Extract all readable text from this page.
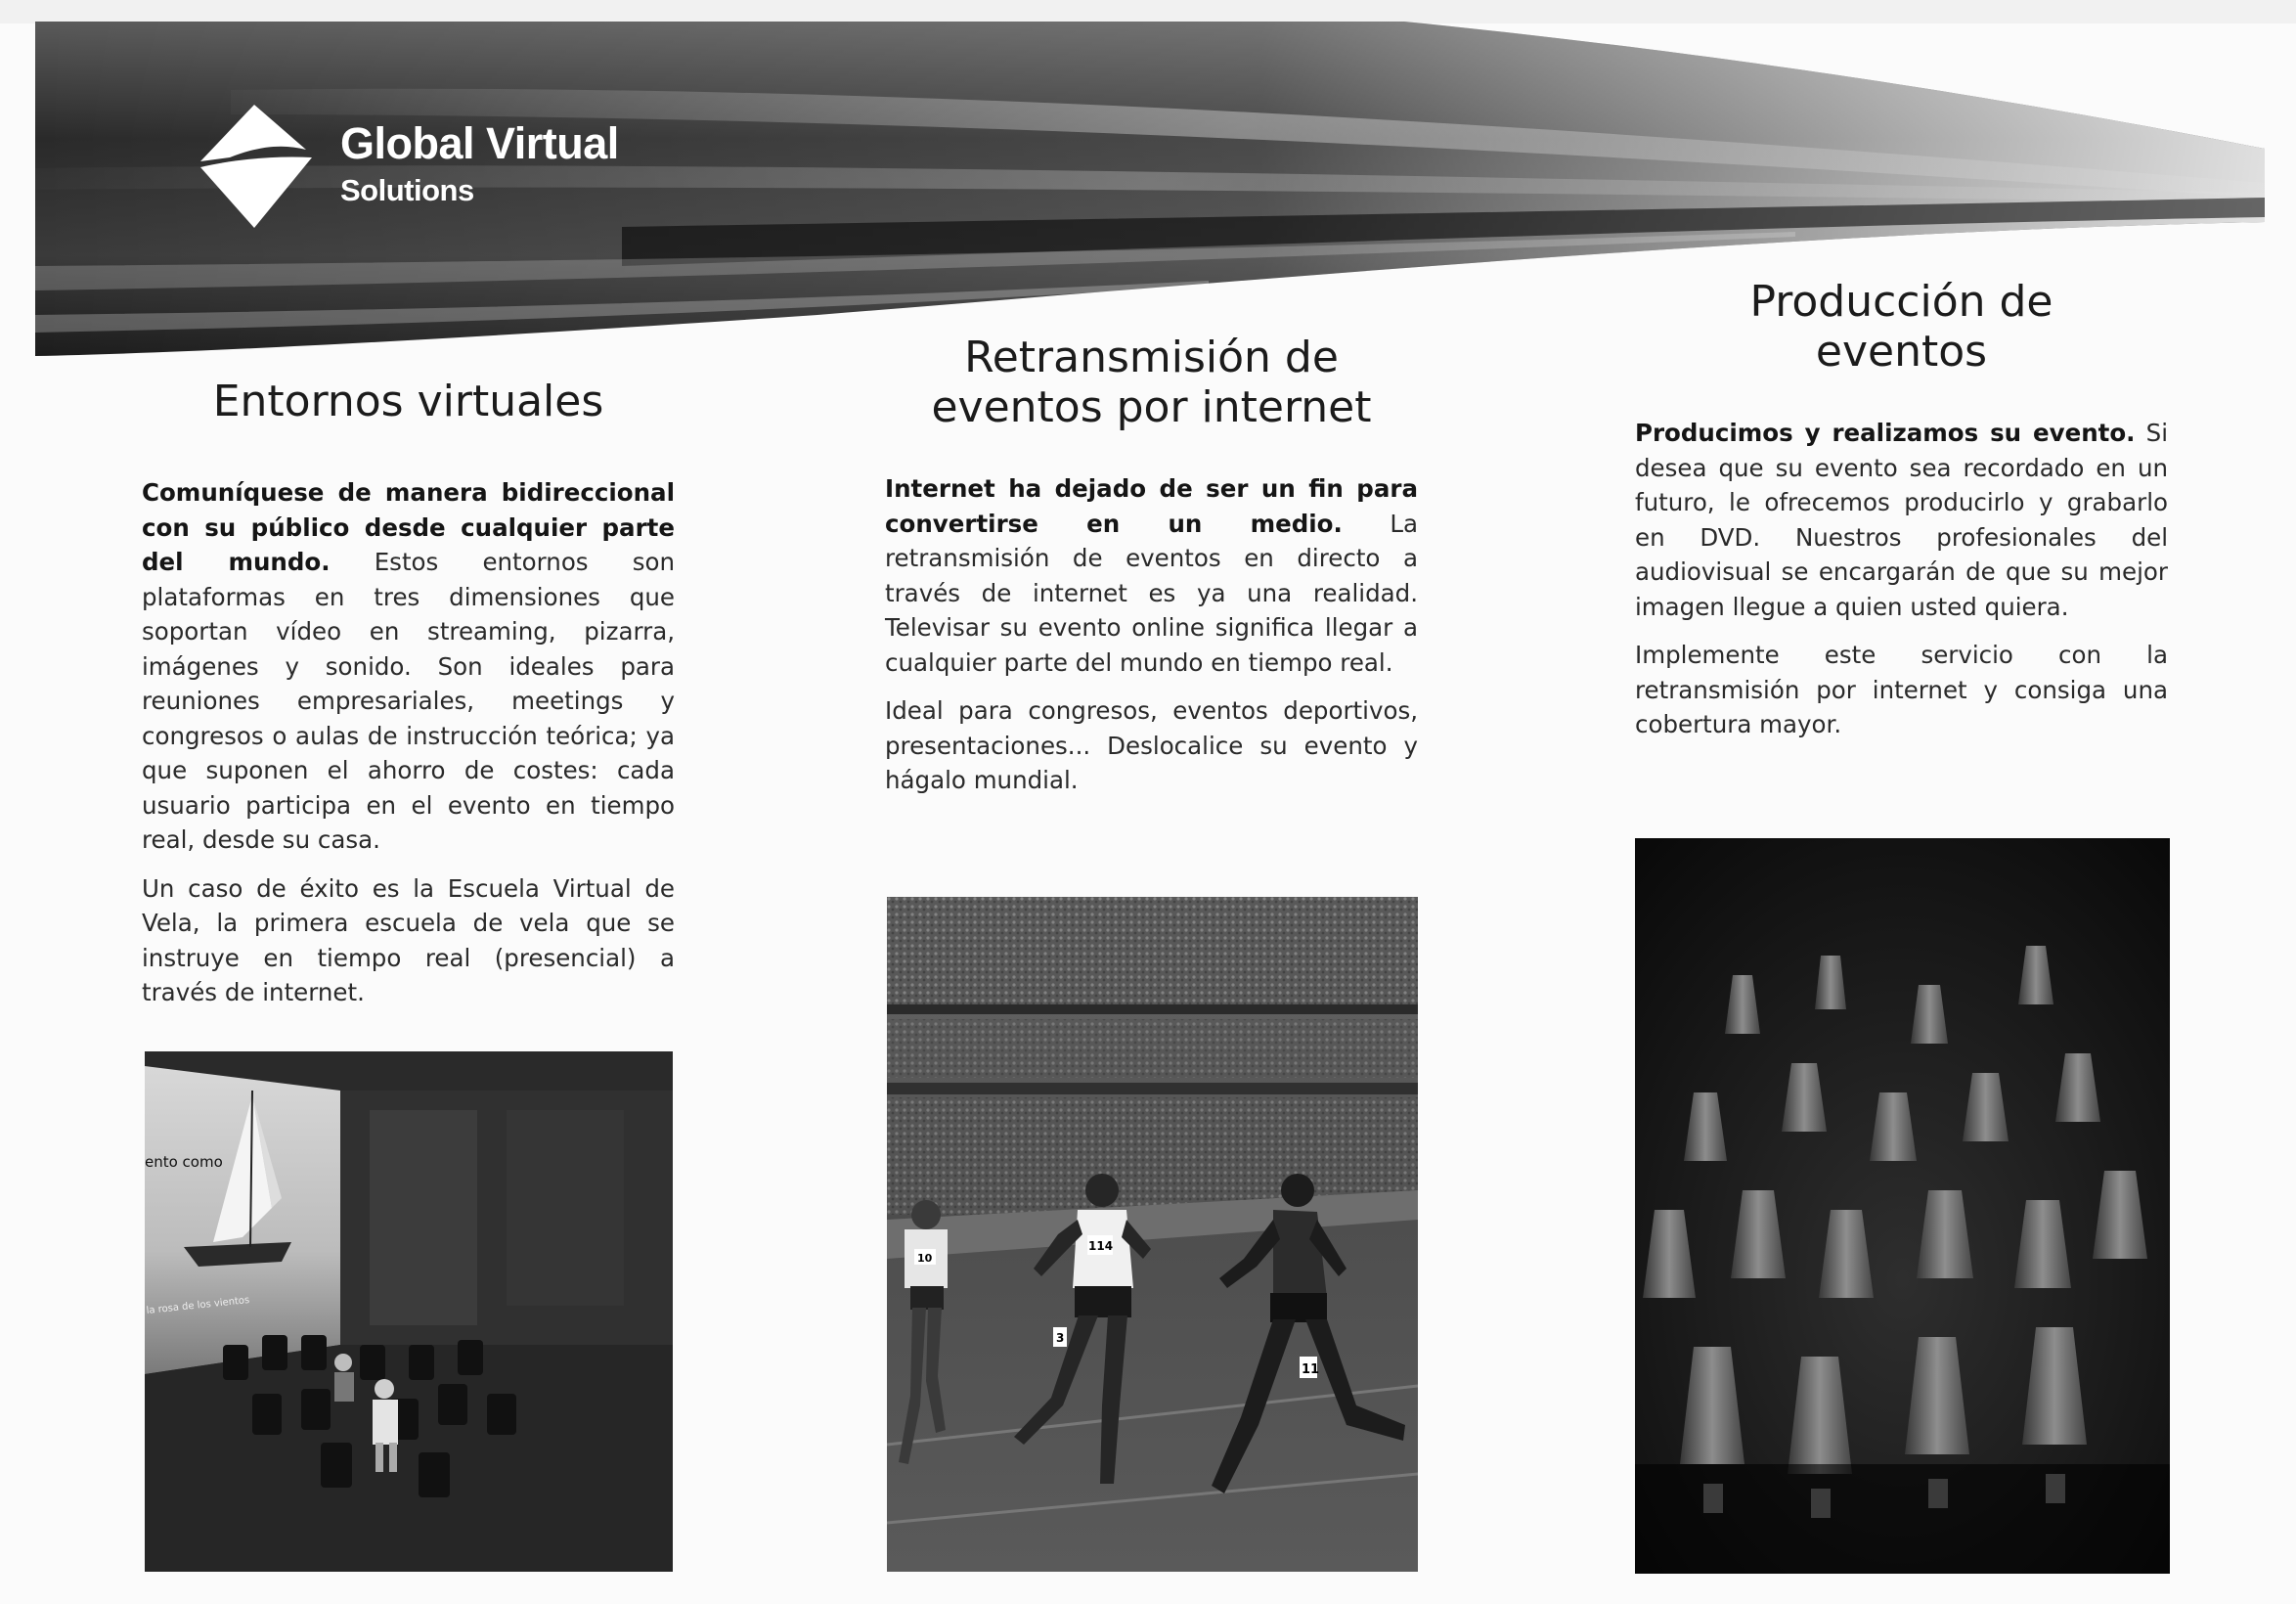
Global Virtual
Solutions
Entornos virtuales

Comuníquese de manera bidireccional con su público desde cualquier parte del mundo. Estos entornos son plataformas en tres dimensiones que soportan vídeo en streaming, pizarra, imágenes y sonido. Son ideales para reuniones empresariales, meetings y congresos o aulas de instrucción teórica; ya que suponen el ahorro de costes: cada usuario participa en el evento en tiempo real, desde su casa.

Un caso de éxito es la Escuela Virtual de Vela, la primera escuela de vela que se instruye en tiempo real (presencial) a través de internet.

Retransmisión de eventos por internet

Internet ha dejado de ser un fin para convertirse en un medio. La retransmisión de eventos en directo a través de internet es ya una realidad. Televisar su evento online significa llegar a cualquier parte del mundo en tiempo real.

Ideal para congresos, eventos deportivos, presentaciones... Deslocalice su evento y hágalo mundial.

Producción de eventos

Producimos y realizamos su evento. Si desea que su evento sea recordado en un futuro, le ofrecemos producirlo y grabarlo en DVD. Nuestros profesionales del audiovisual se encargarán de que su mejor imagen llegue a quien usted quiera.

Implemente este servicio con la retransmisión por internet y consiga una cobertura mayor.

ento como
la rosa de los vientos
10
114
3
11
